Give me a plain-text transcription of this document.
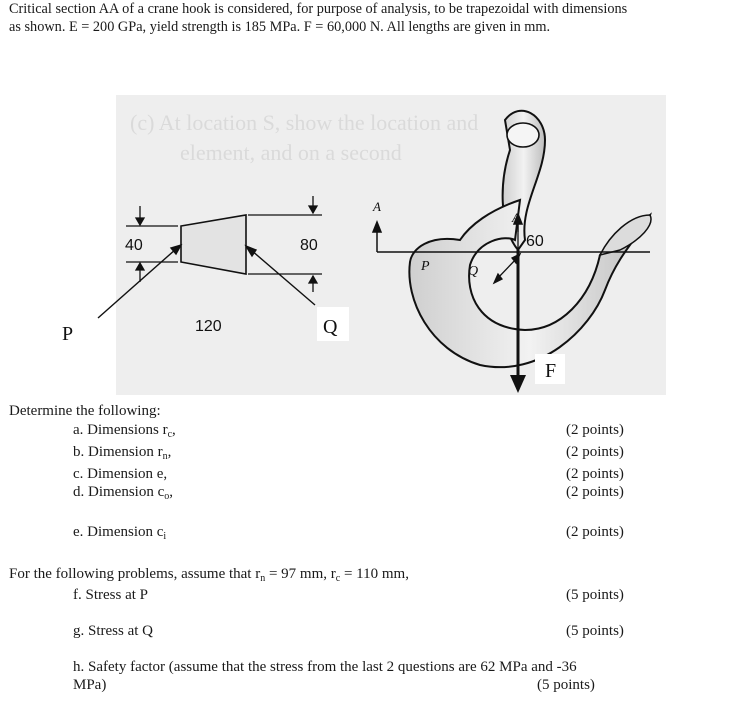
Critical section AA of a crane hook is considered, for purpose of analysis, to be trapezoidal with dimensions
as shown. E = 200 GPa, yield strength is 185 MPa. F = 60,000 N. All lengths are given in mm.
(c) At location S, show the location and
element, and on a second
40	80
120
P	Q
A
A
P	Q
60
F
Determine the following:
a. Dimensions $r_c$,	(2 points)
b. Dimension $r_n$,	(2 points)
c. Dimension e,	(2 points)
d. Dimension $c_o$,	(2 points)
e. Dimension $c_i$	(2 points)
For the following problems, assume that $r_n = 97$ mm, $r_c = 110$ mm,
f. Stress at P	(5 points)
g. Stress at Q	(5 points)
h. Safety factor (assume that the stress from the last 2 questions are 62 MPa and -36
MPa)	(5 points)
